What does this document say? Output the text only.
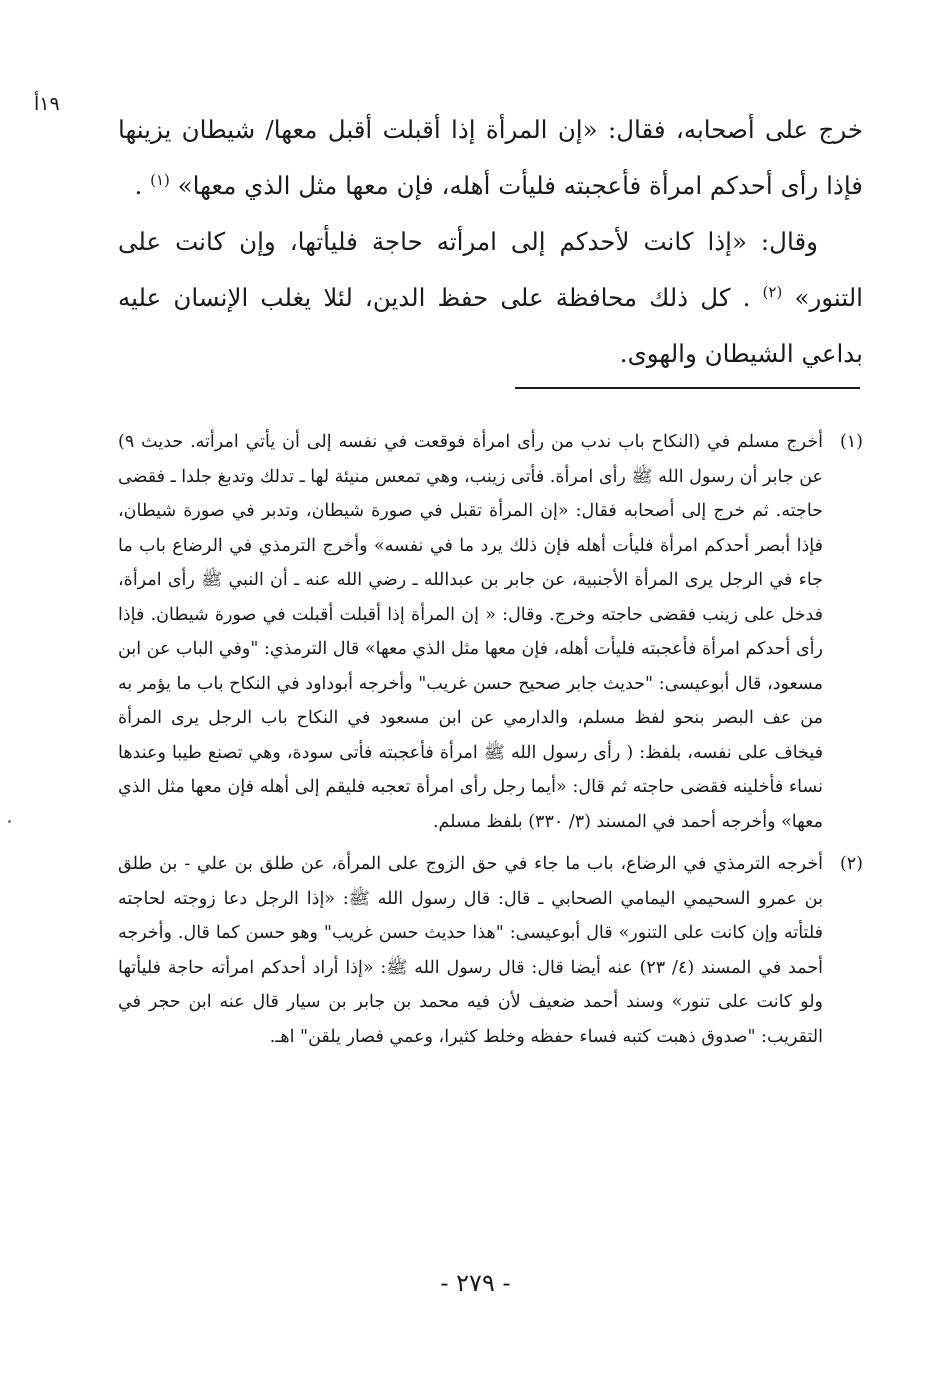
١٩أ

خرج على أصحابه، فقال: «إن المرأة إذا أقبلت أقبل معها/ شيطان يزينها فإذا رأى أحدكم امرأة فأعجبته فليأت أهله، فإن معها مثل الذي معها» $^{(١)}$ .

وقال: «إذا كانت لأحدكم إلى امرأته حاجة فليأتها، وإن كانت على التنور» $^{(٢)}$ . كل ذلك محافظة على حفظ الدين، لئلا يغلب الإنسان عليه بداعي الشيطان والهوى.

(١)
أخرج مسلم في (النكاح باب ندب من رأى امرأة فوقعت في نفسه إلى أن يأتي امرأته. حديث ٩) عن جابر أن رسول الله ﷺ رأى امرأة. فأتى زينب، وهي تمعس منيئة لها ـ تدلك وتدبغ جلدا ـ فقضى حاجته. ثم خرج إلى أصحابه فقال: «إن المرأة تقبل في صورة شيطان، وتدبر في صورة شيطان، فإذا أبصر أحدكم امرأة فليأت أهله فإن ذلك يرد ما في نفسه» وأخرج الترمذي في الرضاع باب ما جاء في الرجل يرى المرأة الأجنبية، عن جابر بن عبدالله ـ رضي الله عنه ـ أن النبي ﷺ رأى امرأة، فدخل على زينب فقضى حاجته وخرج. وقال: « إن المرأة إذا أقبلت أقبلت في صورة شيطان. فإذا رأى أحدكم امرأة فأعجبته فليأت أهله، فإن معها مثل الذي معها» قال الترمذي: "وفي الباب عن ابن مسعود، قال أبوعيسى: "حديث جابر صحيح حسن غريب" وأخرجه أبوداود في النكاح باب ما يؤمر به من عف البصر بنحو لفظ مسلم، والدارمي عن ابن مسعود في النكاح باب الرجل يرى المرأة فيخاف على نفسه، بلفظ: ( رأى رسول الله ﷺ امرأة فأعجبته فأتى سودة، وهي تصنع طيبا وعندها نساء فأخلينه فقضى حاجته ثم قال: «أيما رجل رأى امرأة تعجبه فليقم إلى أهله فإن معها مثل الذي معها» وأخرجه أحمد في المسند (٣/ ٣٣٠) بلفظ مسلم.
(٢)
أخرجه الترمذي في الرضاع، باب ما جاء في حق الزوج على المرأة، عن طلق بن علي - بن طلق بن عمرو السحيمي اليمامي الصحابي ـ قال: قال رسول الله ﷺ: «إذا الرجل دعا زوجته لحاجته فلتأته وإن كانت على التنور» قال أبوعيسى: "هذا حديث حسن غريب" وهو حسن كما قال. وأخرجه أحمد في المسند (٤/ ٢٣) عنه أيضا قال: قال رسول الله ﷺ: «إذا أراد أحدكم امرأته حاجة فليأتها ولو كانت على تنور» وسند أحمد ضعيف لأن فيه محمد بن جابر بن سيار قال عنه ابن حجر في التقريب: "صدوق ذهبت كتبه فساء حفظه وخلط كثيرا، وعمي فصار يلقن" اهـ.
- ٢٧٩ -
